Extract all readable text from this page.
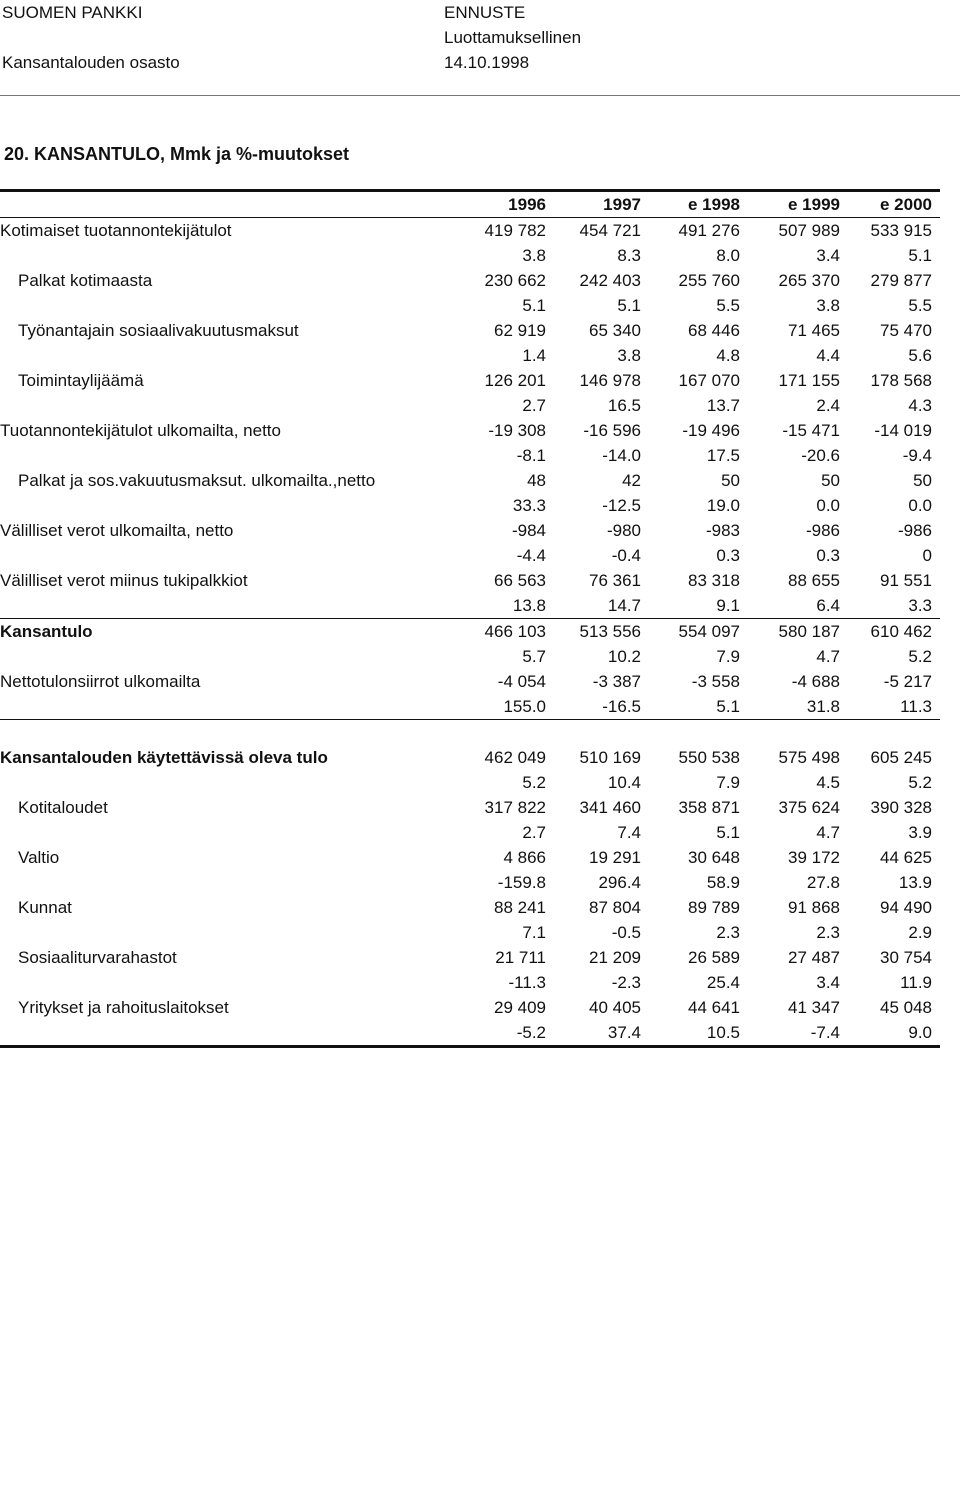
SUOMEN PANKKI
Kansantalouden osasto
ENNUSTE
Luottamuksellinen
14.10.1998
20. KANSANTULO, Mmk ja %-muutokset
1996	1997	e 1998	e 1999	e 2000
Kotimaiset tuotannontekijätulot	419 782	454 721	491 276	507 989	533 915
3.8	8.3	8.0	3.4	5.1
Palkat kotimaasta	230 662	242 403	255 760	265 370	279 877
5.1	5.1	5.5	3.8	5.5
Työnantajain sosiaalivakuutusmaksut	62 919	65 340	68 446	71 465	75 470
1.4	3.8	4.8	4.4	5.6
Toimintaylijäämä	126 201	146 978	167 070	171 155	178 568
2.7	16.5	13.7	2.4	4.3
Tuotannontekijätulot ulkomailta, netto	-19 308	-16 596	-19 496	-15 471	-14 019
-8.1	-14.0	17.5	-20.6	-9.4
Palkat ja sos.vakuutusmaksut. ulkomailta.,netto	48	42	50	50	50
33.3	-12.5	19.0	0.0	0.0
Välilliset verot ulkomailta, netto	-984	-980	-983	-986	-986
-4.4	-0.4	0.3	0.3	0
Välilliset verot miinus tukipalkkiot	66 563	76 361	83 318	88 655	91 551
13.8	14.7	9.1	6.4	3.3
Kansantulo	466 103	513 556	554 097	580 187	610 462
5.7	10.2	7.9	4.7	5.2
Nettotulonsiirrot ulkomailta	-4 054	-3 387	-3 558	-4 688	-5 217
155.0	-16.5	5.1	31.8	11.3
Kansantalouden käytettävissä oleva tulo	462 049	510 169	550 538	575 498	605 245
5.2	10.4	7.9	4.5	5.2
Kotitaloudet	317 822	341 460	358 871	375 624	390 328
2.7	7.4	5.1	4.7	3.9
Valtio	4 866	19 291	30 648	39 172	44 625
-159.8	296.4	58.9	27.8	13.9
Kunnat	88 241	87 804	89 789	91 868	94 490
7.1	-0.5	2.3	2.3	2.9
Sosiaaliturvarahastot	21 711	21 209	26 589	27 487	30 754
-11.3	-2.3	25.4	3.4	11.9
Yritykset ja rahoituslaitokset	29 409	40 405	44 641	41 347	45 048
-5.2	37.4	10.5	-7.4	9.0
